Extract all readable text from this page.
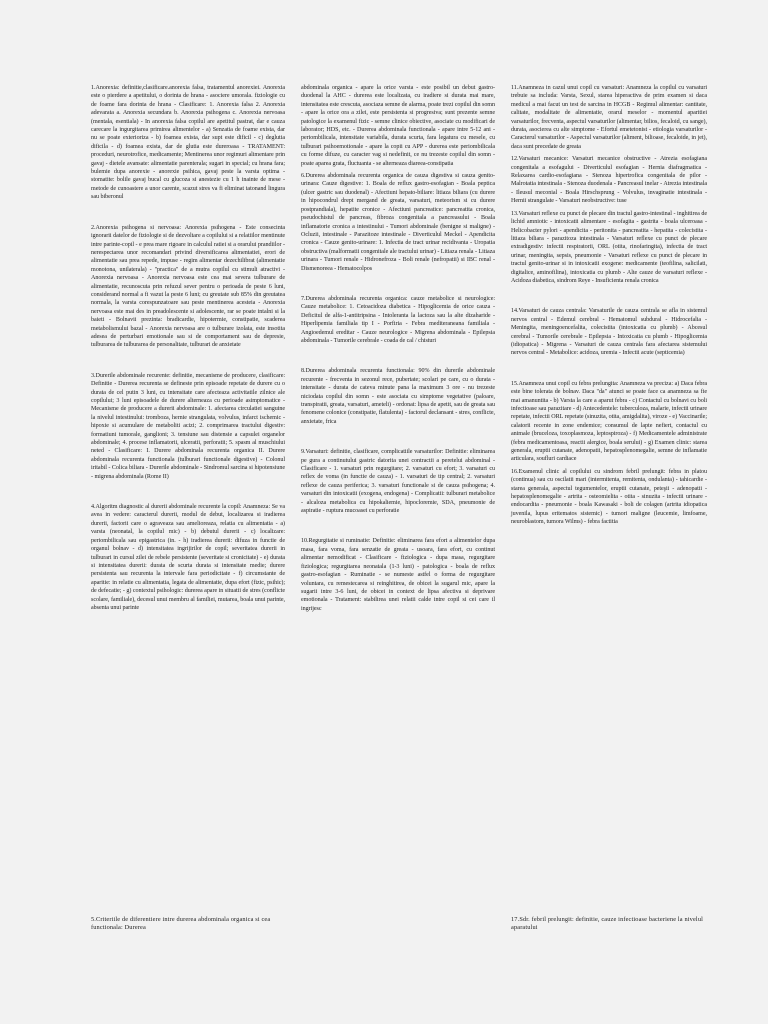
1.Anorexia: definitie,clasificare.anorexia falsa, tratamentul anorexiei. Anorexia este o pierdere a apetitului, o dorinta de hrana - asociere umorala. fiziologie cu de foame fara dorinta de hrana - Clasificare: 1. Anorexia falsa 2. Anorexia adevarata a. Anorexia secundara b. Anorexia psihogena c. Anorexia nervoasa (mentala, esentiala) - In anorexia falsa copilul are apetitul pastrat, dar e cauza carecare la ingurgitarea primirea alimentelor - a) Senzatia de foame exista, dar nu se poate exterioriza - b) foamea exista, dar supt este dificil - c) deglutia dificila - d) foamea exista, dar de glutia este dureroasa - TRATAMENT: proceduri, neurotrofice, medicamente; Mentinerea unor regimuri alimentare prin gavaj - dietele avansate: alimentatie parenterala; sugari in special; cu hrana fara; bulemie dupa anorexie - anorexie psihica, gavaj peste la varsta optima - stomatite: bolile gavaj bucal cu glucoza si anestezie cu 1 h inainte de mese - metode de cunoastere a unor carente, scazut stres va fi eliminat tatonand lingura sau biberonul

2.Anorexia psihogena si nervoasa: Anorexia psihogena - Este consecinta ignorarii datelor de fiziologie si de dezvoltare a copilului si a relatiilor mentinute intre parinte-copil - e prea mare rigoare in calculul ratiei si a orarului prandiilor - nerespectarea unor recomandari privind diversificarea alimentatiei, erori de alimentatie sau prea repede, impuse - regim alimentar dezechilibrat (alimentatie monotona, unilaterala) - "practica" de a mutra copilul cu stimuli atractivi - Anorexia nervoasa - Anorexia nervoasa este cea mai severa tulburare de alimentatie, recunoscuta prin refuzul sever pentru o perioada de peste 6 luni, considerand normal a fi vazut la peste 6 luni; cu greutate sub 85% din greutatea normala, la varsta corespunzatoare sau peste mentinerea acesteia - Anorexia nervoasa este mai des in preadolescente si adolescente, rar se poate intalni si la baieti - Bolnavii prezinta: bradicardie, hipotermie, constipatie, scaderea metabolismului bazal - Anorexia nervoasa are o tulburare izolata, este insotita adesea de perturbari emotionale sau si de comportament sau de depresie, tulburarea de tulburarea de personalitate, tulburari de anxietate

3.Durerile abdominale recurente: definitie, mecanisme de producere, clasificare: Definitie - Durerea recurenta se defineste prin episoade repetate de durere cu o durata de cel putin 3 luni, cu intensitate care afecteaza activitatile zilnice ale copilului; 3 luni episoadele de durere alterneaza cu perioade asimptomatice - Mecanisme de producere a durerii abdominale: 1. afectarea circulatiei sanguine la nivelul intestinului: tromboza, hernie strangulata, volvulus, infarct ischemic - hipoxie si acumulare de metaboliti acizi; 2. comprimarea tractului digestiv: formatiuni tumorale, ganglioni; 3. tensiune sau distensie a capsulei organelor abdominale; 4. procese inflamatorii, ulceratii, perforatii; 5. spasm al muschiului neted - Clasificare: I. Durere abdominala recurenta organica II. Durere abdominala recurenta functionala (tulburari functionale digestive) - Colonul iritabil - Colica biliara - Durerile abdominale - Sindromul sarcina si hipotensiune - migrena abdominala (Rome II)

4.Algoritm diagnostic al durerii abdominale recurente la copil: Anamneza: Se va avea in vedere: caracterul durerii, modul de debut, localizarea si iradierea durerii, factorii care o agraveaza sau amelioreaza, relatia cu alimentatia - a) varsta (neonatal, la copilul mic) - b) debutul durerii - c) localizare: periombilicala sau epigastrica (in. - h) iradierea durerii: difuza in functie de organul bolnav - d) intensitatea ingrijirilor de copil; severitatea durerii in tulburari in cursul zilei de rebele persistente (severitate si cronicitate) - e) durata si intensitatea durerii: durata de scurta durata si intensitate medie; durere persistenta sau recurenta la intervale fara periodicitate - f) circumstante de aparitie: in relatie cu alimentatia, legata de alimentatie, dupa efort (fizic, psihic); de defecatie; - g) contextul psihologic: durerea apare in situatii de stres (conflicte scolare, familiale), decesul unui membru al familiei, mutarea, boala unui parinte, absenta unui parinte

abdominala organica - apare la orice varsta - este posibil un debut gastro-duodenal la AHC - durerea este localizata, cu iradiere si durata mai mare, intensitatea este crescuta, asociaza semne de alarma, poate trezi copilul din somn - apare la orice ora a zilei, este persistenta si progresiva; sunt prezente semne patologice la examenul fizic - semne clinice obiective, asociate cu modificari de laborator; HDS, etc. - Durerea abdominala functionala - apare intre 5-12 ani - periombilicala, intensitate variabila, durata scurta, fara legatura cu mesele, cu tulburari psihoemotionale - apare la copii cu APP - durerea este periombilicala cu forme difuze, cu caracter vag si nedefinit, ce nu trezeste copilul din somn - poate aparea grata, fluctuanta - se alterneaza diareea-constipatia

6.Durerea abdominala recurenta organica de cauza digestiva si cauza genito-urinara: Cauze digestive: 1. Boala de reflux gastro-esofagian - Boala peptica (ulcer gastric sau duodenal) - Afectiuni hepato-biliare: litiaza biliara (cu durere in hipocondrul drept mergand de greata, varsaturi, meteorism si cu durere postprandiala), hepatite cronice - Afectiuni pancreatice: pancreatita cronica, pseudochistul de pancreas, fibroza congenitala a pancreasului - Boala inflamatorie cronica a intestinului - Tumori abdominale (benigne si maligne) - Ocluzii, intestinale - Parazitoze intestinale - Diverticulul Meckel - Apendicita cronica - Cauze genito-urinare: 1. Infectia de tract urinar recidivanta - Uropatia obstructiva (malformatii congenitale ale tractului urinar) - Litiaza renala - Litiaza urinara - Tumori renale - Hidronefroza - Boli renale (nefropatii) si IBC renal - Dismenoreea - Hematocolpos

7.Durerea abdominala recurenta organica: cauze metabolice si neurologice: Cauze metabolice: 1. Cetoacidoza diabetica - Hipoglicemia de orice cauza - Deficitul de alfa-1-antitripsina - Intoleranta la lactoza sau la alte dizaharide - Hiperlipemia familiala tip I - Porfiria - Febra mediteraneana familiala - Angioedemul ereditar - Cauze neurologice - Migrena abdominala - Epilepsia abdominala - Tumorile cerebrale - coada de cal / chisturi

8.Durerea abdominala recurenta functionala: 90% din durerile abdominale recurente - frecventa in sezonul rece, pubertate; scolari pe care, cu o durata - intensitate - durata de cateva minute pana la maximum 3 ore - nu trezeste niciodata copilul din somn - este asociata cu simptome vegetative (paloare, transpiratii, greata, varsaturi, ameteli) - ordonat: lipsa de apetit, sau de greata sau fenomene colonice (constipatie, flatulenta) - factorul declansant - stres, conflicte, anxietate, frica

9.Varsaturi: definitie, clasificare, complicatiile varsaturilor: Definitie: eliminarea pe gura a continutului gastric datorita unei contractii a peretelui abdominal - Clasificare - 1. varsaturi prin regurgitare; 2. varsaturi cu efort; 3. varsaturi cu reflex de voma (in functie de cauza) - 1. varsaturi de tip central; 2. varsaturi reflexe de cauza periferica; 3. varsaturi functionale si de cauza psihogena; 4. varsaturi din intoxicatii (exogena, endogena) - Complicatii: tulburari metabolice - alcaloza metabolica cu hipokaliemie, hipocloremie, SDA, pneumonie de aspiratie - ruptura mucoasei cu perforatie

10.Regurgitatie si ruminatie: Definitie: eliminarea fara efort a alimentelor dupa masa, fara voma, fara senzatie de greata - usoara, fara efort, cu continut alimentar nemodificat - Clasificare - fiziologica - dupa masa, regurgitare fiziologica; regurgitarea neonatala (1-3 luni) - patologica - boala de reflux gastro-esofagian - Ruminatie - se numeste astfel o forma de regurgitare voluntara, cu remestecarea si reinghitirea, de obicei la sugarul mic, apare la sugarii intre 3-6 luni, de obicei in context de lipsa afectiva si deprivare emotionala - Tratament: stabilirea unei relatii calde intre copil si cei care il ingrijesc

11.Anamneza in cazul unui copil cu varsaturi: Anamneza la copilul cu varsaturi trebuie sa includa: Varsta, Sexul, starea hiperactiva de prim examen si daca medicul a mai facut un test de sarcina in HCGB - Regimul alimentar: cantitate, calitate, modalitate de alimentatie, orarul meselor - momentul aparitiei varsaturilor, frecventa, aspectul varsaturilor (alimentar, bilios, fecaloid, cu sange), durata, asocierea cu alte simptome - Efortul emetetonist - etiologia varsaturilor - Caracterul varsaturilor - Aspectul varsaturilor (aliment, bilioase, fecaloide, in jet), daca sunt precedate de greata

12.Varsaturi mecanice: Varsaturi mecanice obstructive - Atrezia esofagiana congenitala a esofagului - Diverticulul esofagian - Hernia diafragmatica - Relaxarea cardio-esofagiana - Stenoza hipertrofica congenitala de pilor - Malrotatia intestinala - Stenoza duodenala - Pancreasul inelar - Atrezia intestinala - Ileusul meconial - Boala Hirschsprung - Volvulus, invaginatie intestinala - Hernii strangulate - Varsaturi neobstructive: tuse

13.Varsaturi reflexe cu punct de plecare din tractul gastro-intestinal - inghitirea de lichid amniotic - intoxicatii alimentare - esofagita - gastrita - boala ulceroasa - Helicobacter pylori - apendicita - peritonita - pancreatita - hepatita - colecistita - litiaza biliara - parazitoza intestinala - Varsaturi reflexe cu punct de plecare extradigestiv: infectii respiratorii, ORL (otita, rinofaringita), infectia de tract urinar, meningita, sepsis, pneumonie - Varsaturi reflexe cu punct de plecare in tractul genito-urinar si in intoxicatii exogene: medicamente (teofilina, salicilati, digitalice, aminofilina), intoxicatia cu plumb - Alte cauze de varsaturi reflexe - Acidoza diabetica, sindrom Reye - Insuficienta renala cronica

14.Varsaturi de cauza centrala: Varsaturile de cauza centrala se afla in sistemul nervos central - Edemul cerebral - Hematomul subdural - Hidrocefalia - Meningita, meningoencefalita, colecistita (intoxicatia cu plumb) - Abcesul cerebral - Tumorile cerebrale - Epilepsia - Intoxicatia cu plumb - Hipoglicemia (idiopatica) - Migrena - Varsaturi de cauza centrala fara afectarea sistemului nervos central - Metabolice: acidoza, uremia - Infectii acute (septicemia)

15.Anamneza unui copil cu febra prelungita: Anamneza va preciza: a) Daca febra este bine tolerata de bolnav. Daca "da" atunci se poate face ca anamneza sa fie mai amanuntita - b) Varsta la care a aparut febra - c) Contactul cu bolnavi cu boli infectioase sau parazitare - d) Antecedentele: tuberculoza, malarie, infectii urinare repetate, infectii ORL repetate (sinuzita, otita, amigdalita), viroze - e) Vaccinarile; calatorii recente in zone endemice; consumul de lapte nefiert, contactul cu animale (bruceloza, toxoplasmoza, leptospiroza) - f) Medicamentele administrate (febra medicamentoasa, reactii alergice, boala serului) - g) Examen clinic: starea generala, eruptii cutanate, adenopatii, hepatosplenomegalie, semne de inflamatie articulara, soufluri cardiace

16.Examenul clinic al copilului cu sindrom febril prelungit: febra in platou (continua) sau cu oscilatii mari (intermitenta, remitenta, ondulanta) - tahicardie - starea generala, aspectul tegumentelor, eruptii cutanate, peteşii - adenopatii - hepatosplenomegalie - artrita - osteomielita - otita - sinuzita - infectii urinare - endocardita - pneumonie - boala Kawasaki - boli de colagen (artrita idiopatica juvenila, lupus eritematos sistemic) - tumori maligne (leucemie, limfoame, neuroblastom, tumora Wilms) - febra factitia

5.Criteriile de diferentiere intre durerea abdominala organica si cea functionala: Durerea
17.Sdr. febril prelungit: definitie, cauze infectioase bacteriene la nivelul aparatului
